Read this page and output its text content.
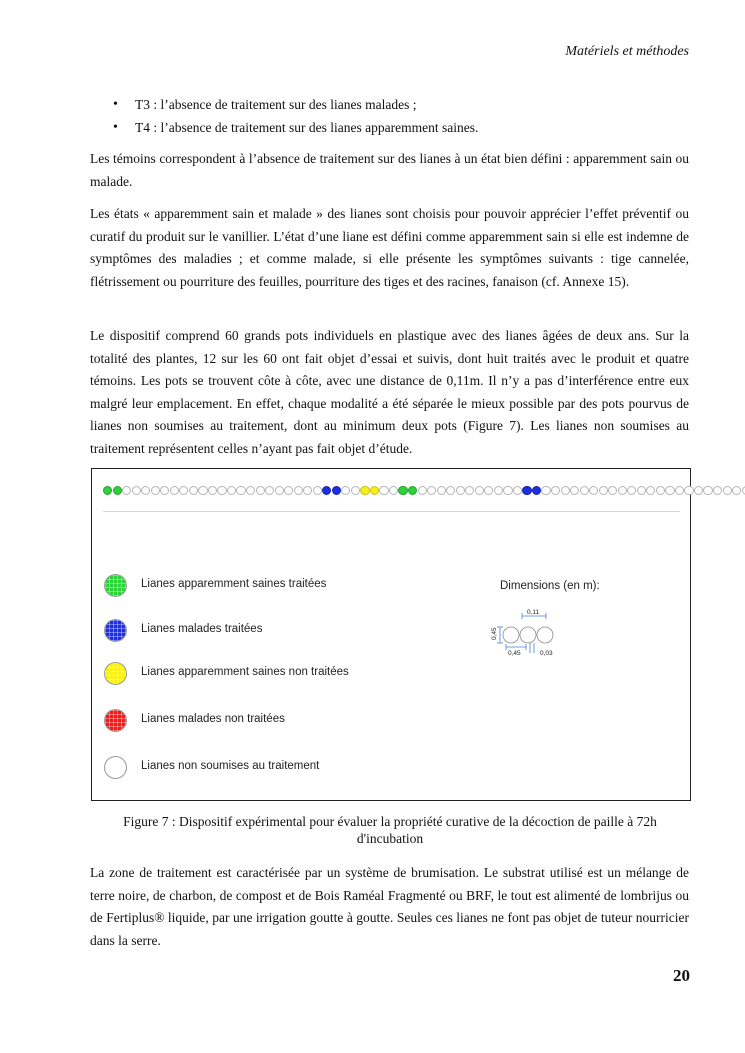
Matériels et méthodes
• T3 : l’absence de traitement sur des lianes malades ;
• T4 : l’absence de traitement sur des lianes apparemment saines.

Les témoins correspondent à l’absence de traitement sur des lianes à un état bien défini : apparemment sain ou malade.

Les états « apparemment sain et malade » des lianes sont choisis pour pouvoir apprécier l’effet préventif ou curatif du produit sur le vanillier. L’état d’une liane est défini comme apparemment sain si elle est indemne de symptômes des maladies ; et comme malade, si elle présente les symptômes suivants : tige cannelée, flétrissement ou pourriture des feuilles, pourriture des tiges et des racines, fanaison (cf. Annexe 15).

Le dispositif comprend 60 grands pots individuels en plastique avec des lianes âgées de deux ans. Sur la totalité des plantes, 12 sur les 60 ont fait objet d’essai et suivis, dont huit traités avec le produit et quatre témoins. Les pots se trouvent côte à côte, avec une distance de 0,11m. Il n’y a pas d’interférence entre eux malgré leur emplacement. En effet, chaque modalité a été séparée le mieux possible par des pots pourvus de lianes non soumises au traitement, dont au minimum deux pots (Figure 7). Les lianes non soumises au traitement représentent celles n’ayant pas fait objet d’étude.

Lianes apparemment saines traitées
Lianes malades traitées
Lianes apparemment saines non traitées
Lianes malades non traitées
Lianes non soumises au traitement
Dimensions (en m):
0,11
0,45
0,45	0,03

Figure 7 : Dispositif expérimental pour évaluer la propriété curative de la décoction de paille à 72h d'incubation

La zone de traitement est caractérisée par un système de brumisation. Le substrat utilisé est un mélange de terre noire, de charbon, de compost et de Bois Raméal Fragmenté ou BRF, le tout est alimenté de lombrijus ou de Fertiplus® liquide, par une irrigation goutte à goutte. Seules ces lianes ne font pas objet de tuteur nourricier dans la serre.

20
